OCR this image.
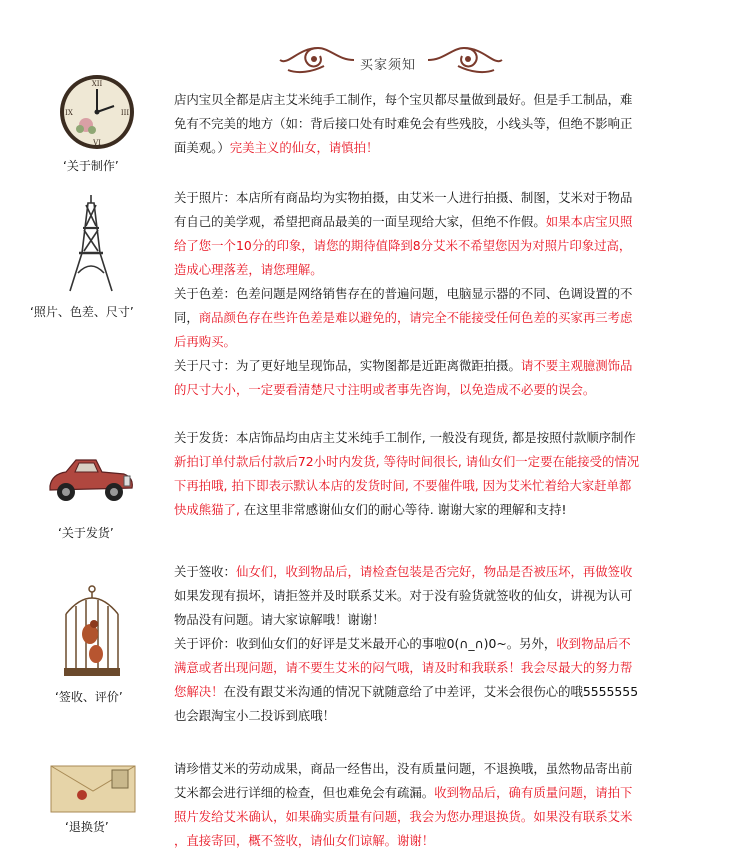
买家须知
XII
III
VI
IX
‘关于制作’

店内宝贝全都是店主艾米纯手工制作，每个宝贝都尽量做到最好。但是手工制品，难

免有不完美的地方（如：背后接口处有时难免会有些残胶，小线头等，但绝不影响正

面美观。）完美主义的仙女，请慎拍！

‘照片、色差、尺寸’

关于照片：本店所有商品均为实物拍摄，由艾米一人进行拍摄、制图，艾米对于物品

有自己的美学观，希望把商品最美的一面呈现给大家，但绝不作假。如果本店宝贝照

给了您一个10分的印象，请您的期待值降到8分艾米不希望您因为对照片印象过高，

造成心理落差，请您理解。

关于色差：色差问题是网络销售存在的普遍问题，电脑显示器的不同、色调设置的不

同，商品颜色存在些许色差是难以避免的，请完全不能接受任何色差的买家再三考虑

后再购买。

关于尺寸：为了更好地呈现饰品，实物图都是近距离微距拍摄。请不要主观臆测饰品

的尺寸大小，一定要看清楚尺寸注明或者事先咨询，以免造成不必要的误会。

‘关于发货’

关于发货：本店饰品均由店主艾米纯手工制作, 一般没有现货, 都是按照付款顺序制作

新拍订单付款后付款后72小时内发货, 等待时间很长, 请仙女们一定要在能接受的情况

下再拍哦, 拍下即表示默认本店的发货时间, 不要催件哦, 因为艾米忙着给大家赶单都

快成熊猫了, 在这里非常感谢仙女们的耐心等待. 谢谢大家的理解和支持!

‘签收、评价’

关于签收：仙女们，收到物品后，请检查包装是否完好，物品是否被压坏，再做签收

如果发现有损坏，请拒签并及时联系艾米。对于没有验货就签收的仙女，讲视为认可

物品没有问题。请大家谅解哦！谢谢！

关于评价：收到仙女们的好评是艾米最开心的事啦0(∩_∩)0~。另外，收到物品后不

满意或者出现问题，请不要生艾米的闷气哦，请及时和我联系！我会尽最大的努力帮

您解决！在没有跟艾米沟通的情况下就随意给了中差评，艾米会很伤心的哦5555555

也会跟淘宝小二投诉到底哦！

‘退换货’

请珍惜艾米的劳动成果，商品一经售出，没有质量问题，不退换哦，虽然物品寄出前

艾米都会进行详细的检查，但也难免会有疏漏。收到物品后，确有质量问题，请拍下

照片发给艾米确认，如果确实质量有问题，我会为您办理退换货。如果没有联系艾米

，直接寄回，概不签收，请仙女们谅解。谢谢！
